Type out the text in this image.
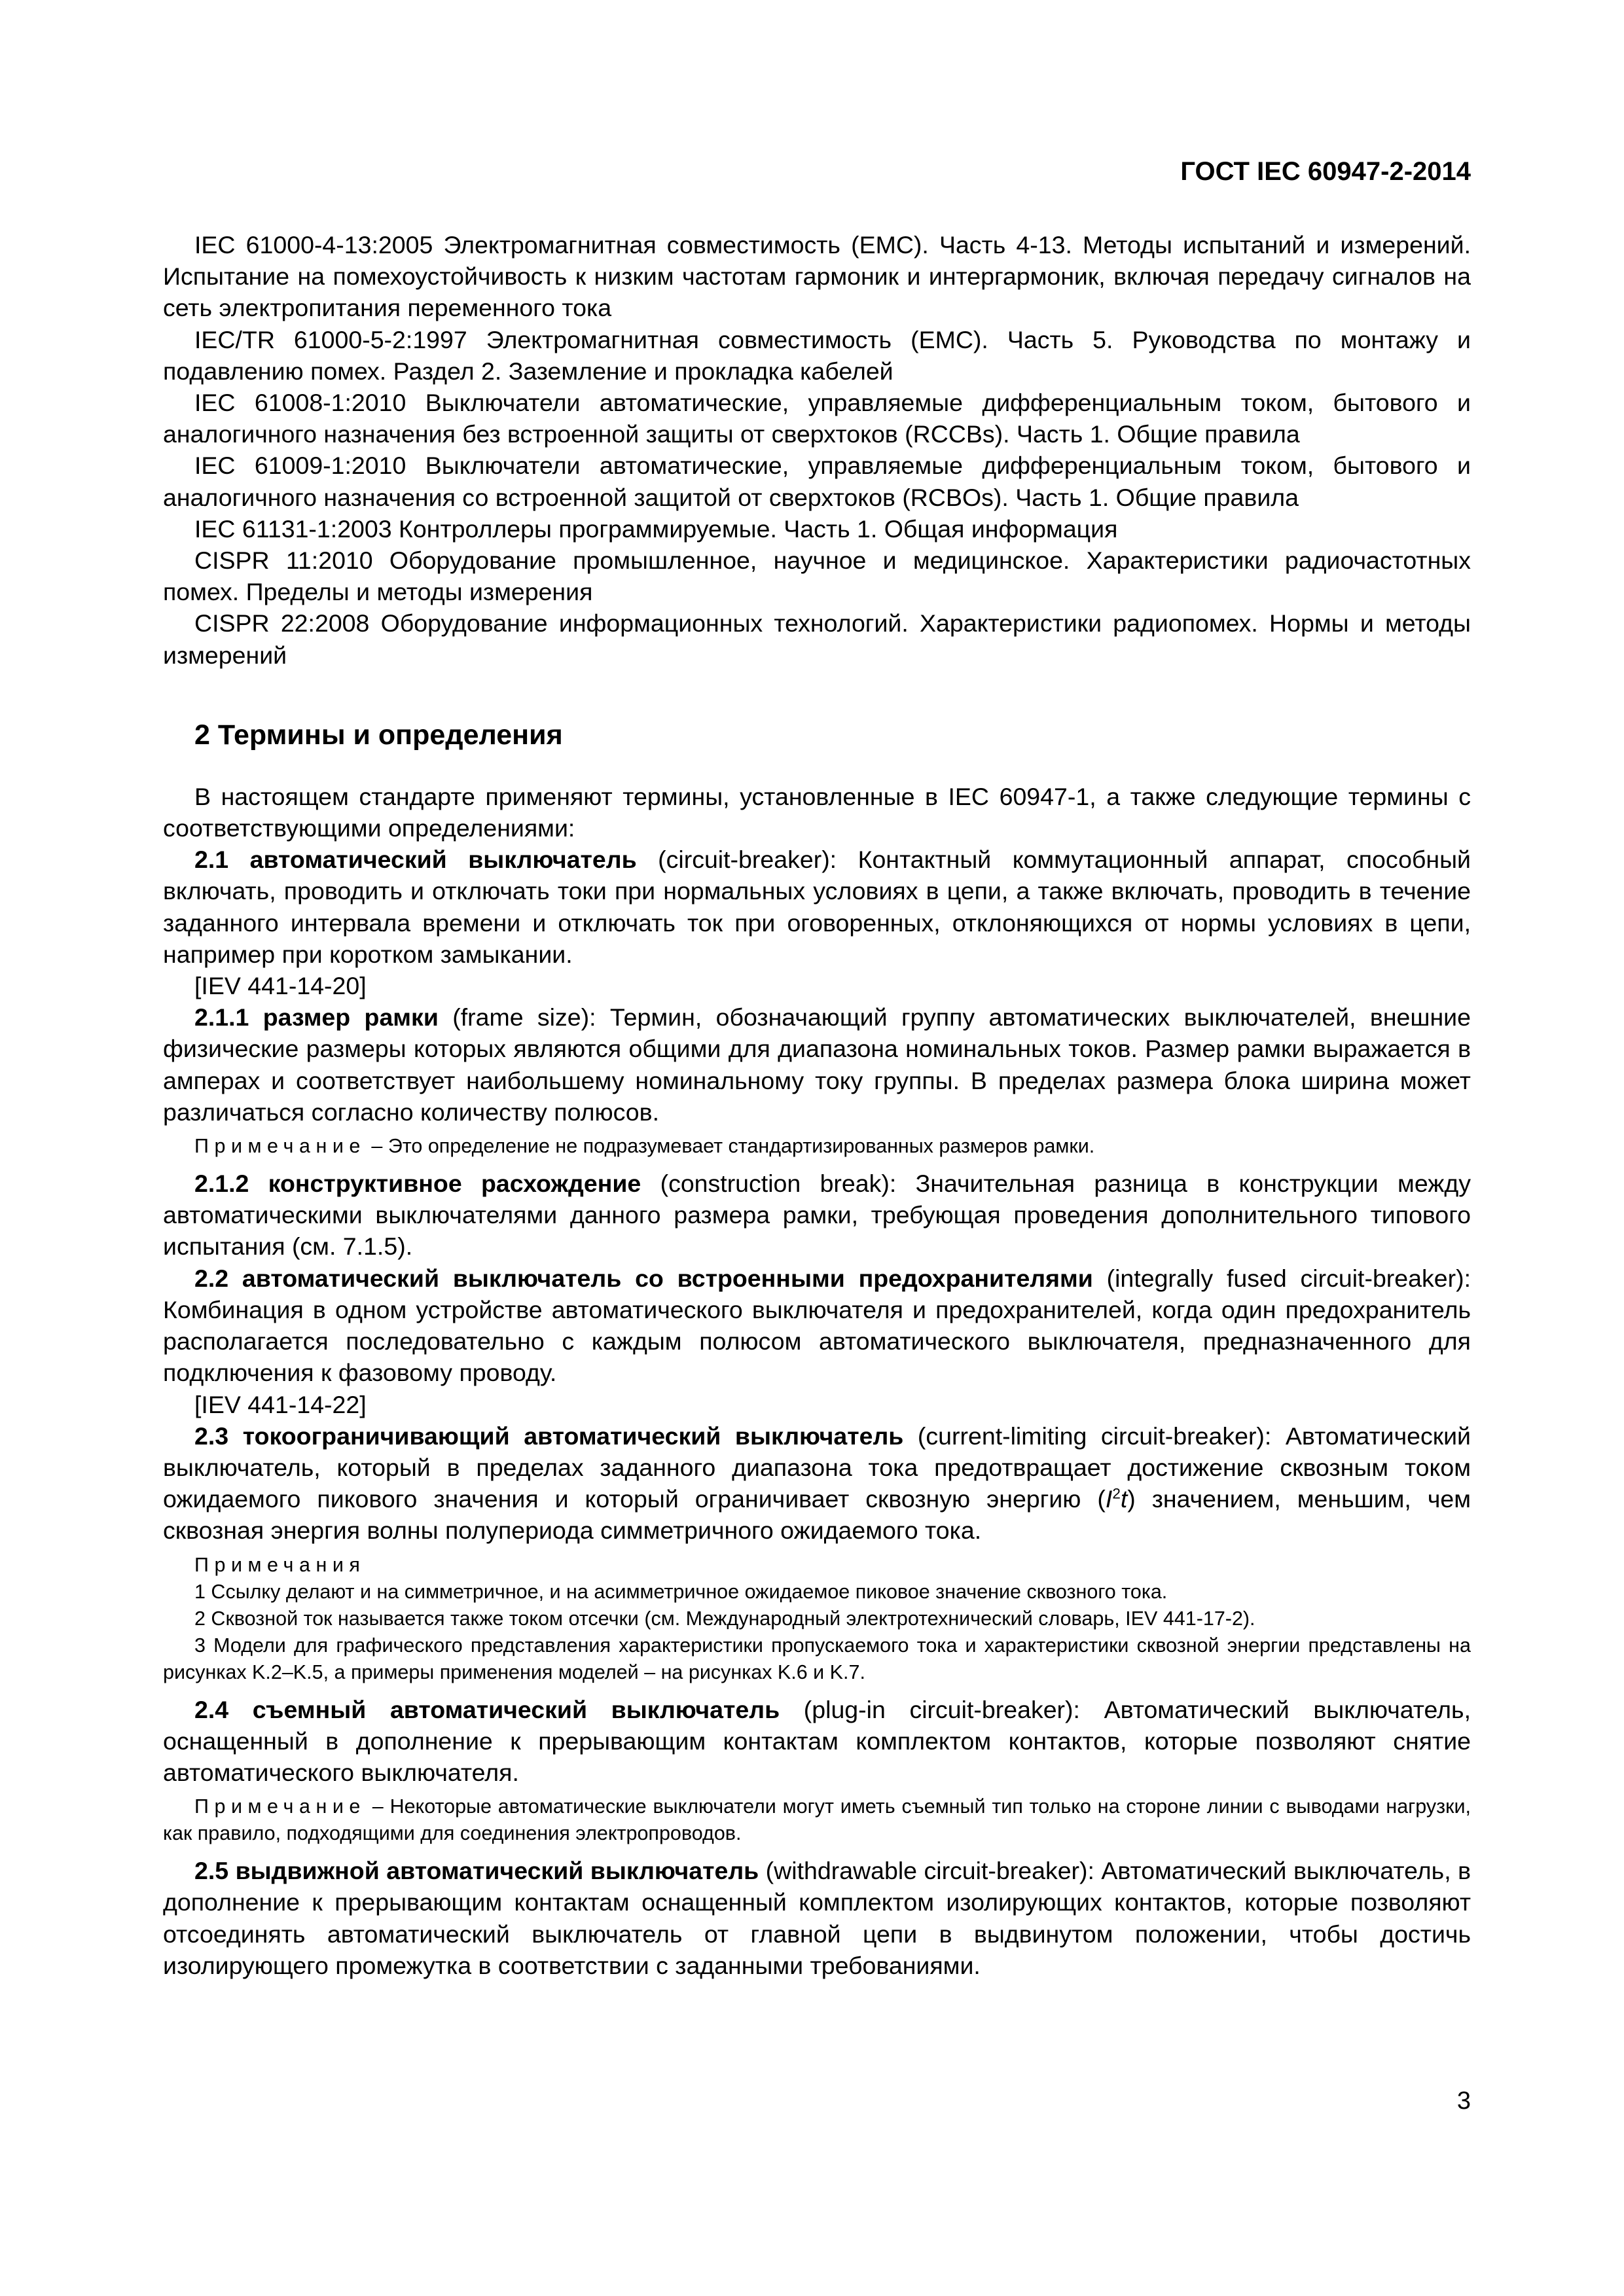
ГОСТ IEC 60947-2-2014

IEC 61000-4-13:2005 Электромагнитная совместимость (EMC). Часть 4-13. Методы испытаний и измерений. Испытание на помехоустойчивость к низким частотам гармоник и интергармоник, включая передачу сигналов на сеть электропитания переменного тока

IEC/TR 61000-5-2:1997 Электромагнитная совместимость (EMC). Часть 5. Руководства по монтажу и подавлению помех. Раздел 2. Заземление и прокладка кабелей

IEC 61008-1:2010 Выключатели автоматические, управляемые дифференциальным током, бытового и аналогичного назначения без встроенной защиты от сверхтоков (RCCBs). Часть 1. Общие правила

IEC 61009-1:2010 Выключатели автоматические, управляемые дифференциальным током, бытового и аналогичного назначения со встроенной защитой от сверхтоков (RCBOs). Часть 1. Общие правила

IEC 61131-1:2003 Контроллеры программируемые. Часть 1. Общая информация

CISPR 11:2010 Оборудование промышленное, научное и медицинское. Характеристики радиочастотных помех. Пределы и методы измерения

CISPR 22:2008 Оборудование информационных технологий. Характеристики радиопомех. Нормы и методы измерений

2 Термины и определения

В настоящем стандарте применяют термины, установленные в IEC 60947-1, а также следующие термины с соответствующими определениями:

2.1 автоматический выключатель (circuit-breaker): Контактный коммутационный аппарат, способный включать, проводить и отключать токи при нормальных условиях в цепи, а также включать, проводить в течение заданного интервала времени и отключать ток при оговоренных, отклоняющихся от нормы условиях в цепи, например при коротком замыкании.

[IEV 441-14-20]

2.1.1 размер рамки (frame size): Термин, обозначающий группу автоматических выключателей, внешние физические размеры которых являются общими для диапазона номинальных токов. Размер рамки выражается в амперах и соответствует наибольшему номинальному току группы. В пределах размера блока ширина может различаться согласно количеству полюсов.

Примечание – Это определение не подразумевает стандартизированных размеров рамки.

2.1.2 конструктивное расхождение (construction break): Значительная разница в конструкции между автоматическими выключателями данного размера рамки, требующая проведения дополнительного типового испытания (см. 7.1.5).

2.2 автоматический выключатель со встроенными предохранителями (integrally fused circuit-breaker): Комбинация в одном устройстве автоматического выключателя и предохранителей, когда один предохранитель располагается последовательно с каждым полюсом автоматического выключателя, предназначенного для подключения к фазовому проводу.

[IEV 441-14-22]

2.3 токоограничивающий автоматический выключатель (current-limiting circuit-breaker): Автоматический выключатель, который в пределах заданного диапазона тока предотвращает достижение сквозным током ожидаемого пикового значения и который ограничивает сквозную энергию $(I^2t)$ значением, меньшим, чем сквозная энергия волны полупериода симметричного ожидаемого тока.

Примечания

1 Ссылку делают и на симметричное, и на асимметричное ожидаемое пиковое значение сквозного тока.

2 Сквозной ток называется также током отсечки (см. Международный электротехнический словарь, IEV 441-17-2).

3 Модели для графического представления характеристики пропускаемого тока и характеристики сквозной энергии представлены на рисунках K.2–K.5, а примеры применения моделей – на рисунках K.6 и K.7.

2.4 съемный автоматический выключатель (plug-in circuit-breaker): Автоматический выключатель, оснащенный в дополнение к прерывающим контактам комплектом контактов, которые позволяют снятие автоматического выключателя.

Примечание – Некоторые автоматические выключатели могут иметь съемный тип только на стороне линии с выводами нагрузки, как правило, подходящими для соединения электропроводов.

2.5 выдвижной автоматический выключатель (withdrawable circuit-breaker): Автоматический выключатель, в дополнение к прерывающим контактам оснащенный комплектом изолирующих контактов, которые позволяют отсоединять автоматический выключатель от главной цепи в выдвинутом положении, чтобы достичь изолирующего промежутка в соответствии с заданными требованиями.

3
